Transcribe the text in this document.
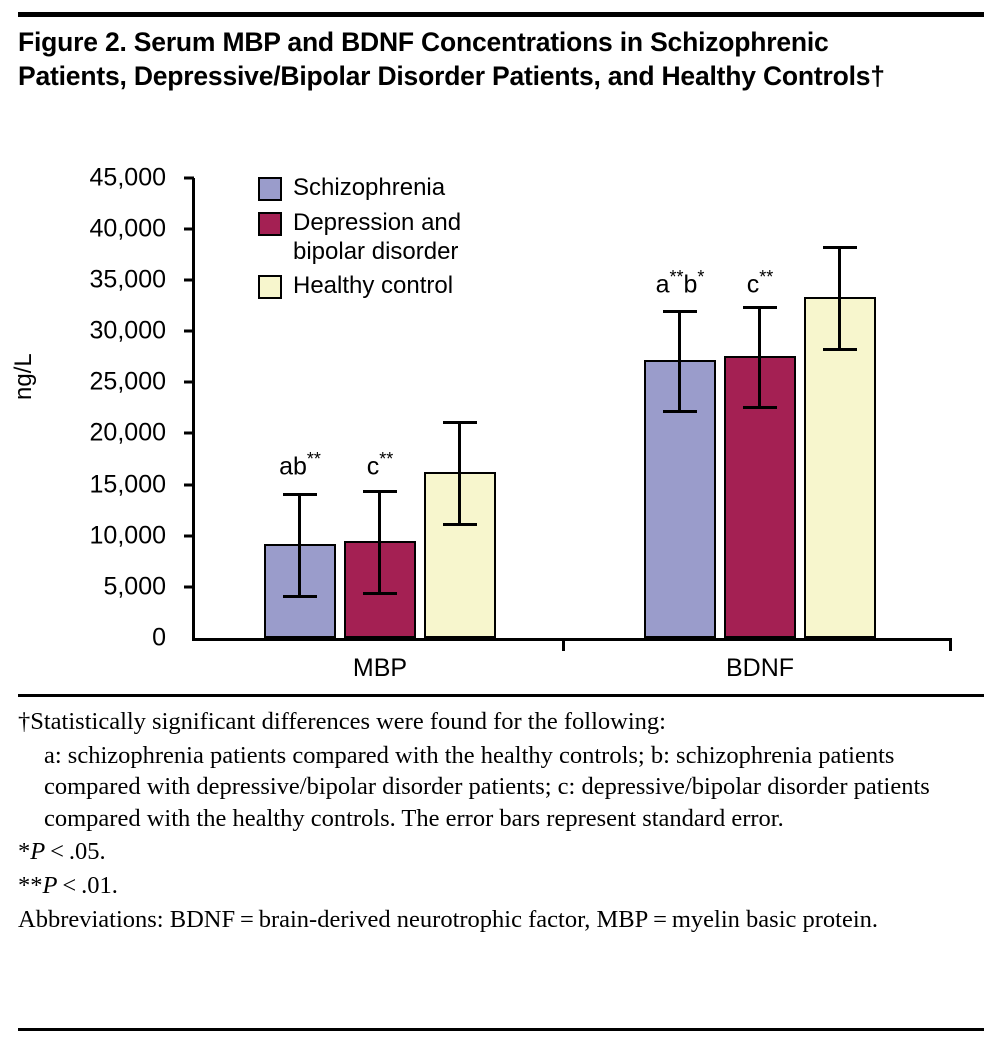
Figure 2. Serum MBP and BDNF Concentrations in Schizophrenic Patients, Depressive/Bipolar Disorder Patients, and Healthy Controls†
ng/L
45,000
40,000
35,000
30,000
25,000
20,000
15,000
10,000
5,000
0
Schizophrenia
Depression and
bipolar disorder
Healthy control
ab** c**
a**b* c**
MBP	BDNF

†Statistically significant differences were found for the following:

a: schizophrenia patients compared with the healthy controls; b: schizophrenia patients compared with depressive/bipolar disorder patients; c: depressive/bipolar disorder patients compared with the healthy controls. The error bars represent standard error.

*P < .05.

**P < .01.

Abbreviations: BDNF = brain-derived neurotrophic factor, MBP = myelin basic protein.
